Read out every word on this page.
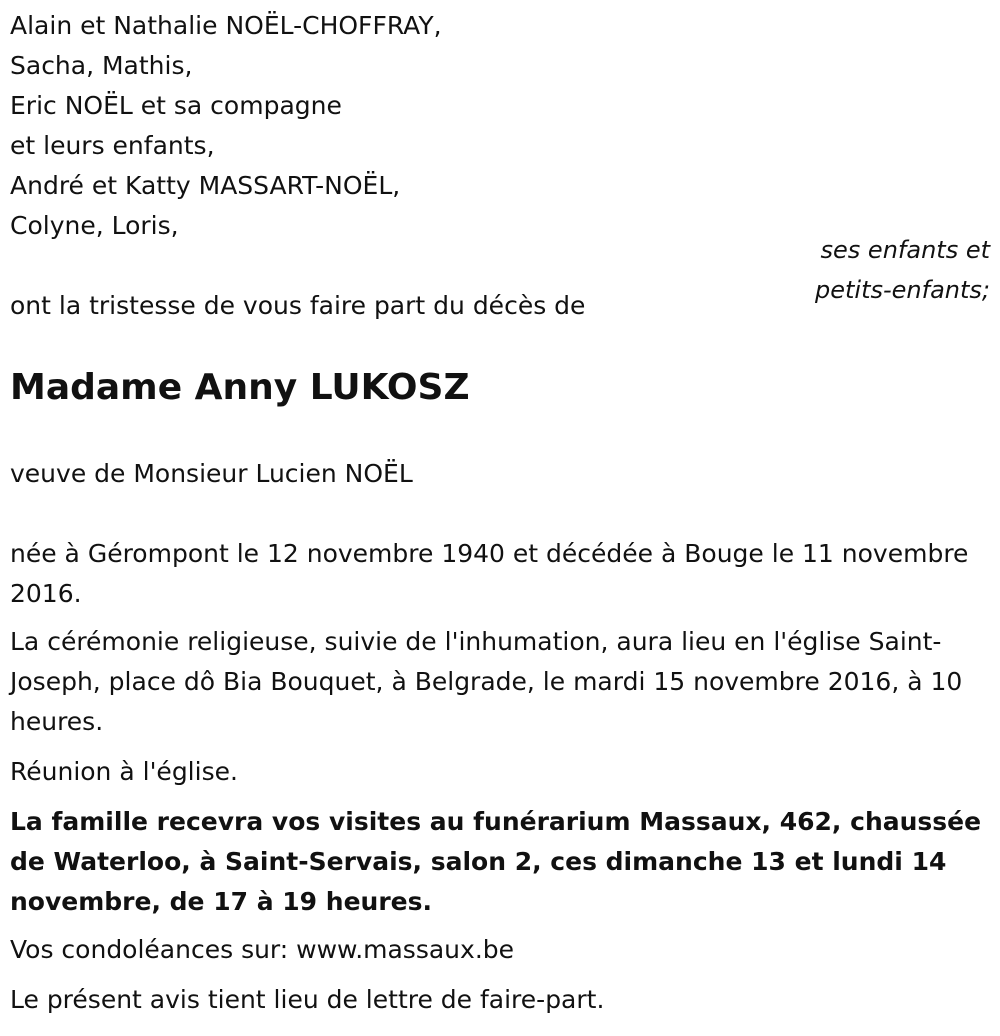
Alain et Nathalie NOËL-CHOFFRAY,
Sacha, Mathis,
Eric NOËL et sa compagne
et leurs enfants,
André et Katty MASSART-NOËL,
Colyne, Loris,
ses enfants et
petits-enfants;
ont la tristesse de vous faire part du décès de
Madame Anny LUKOSZ
veuve de Monsieur Lucien NOËL
née à Gérompont le 12 novembre 1940 et décédée à Bouge le 11 novembre 2016.
La cérémonie religieuse, suivie de l'inhumation, aura lieu en l'église Saint-Joseph, place dô Bia Bouquet, à Belgrade, le mardi 15 novembre 2016, à 10 heures.
Réunion à l'église.
La famille recevra vos visites au funérarium Massaux, 462, chaussée de Waterloo, à Saint-Servais, salon 2, ces dimanche 13 et lundi 14 novembre, de 17 à 19 heures.
Vos condoléances sur: www.massaux.be
Le présent avis tient lieu de lettre de faire-part.
